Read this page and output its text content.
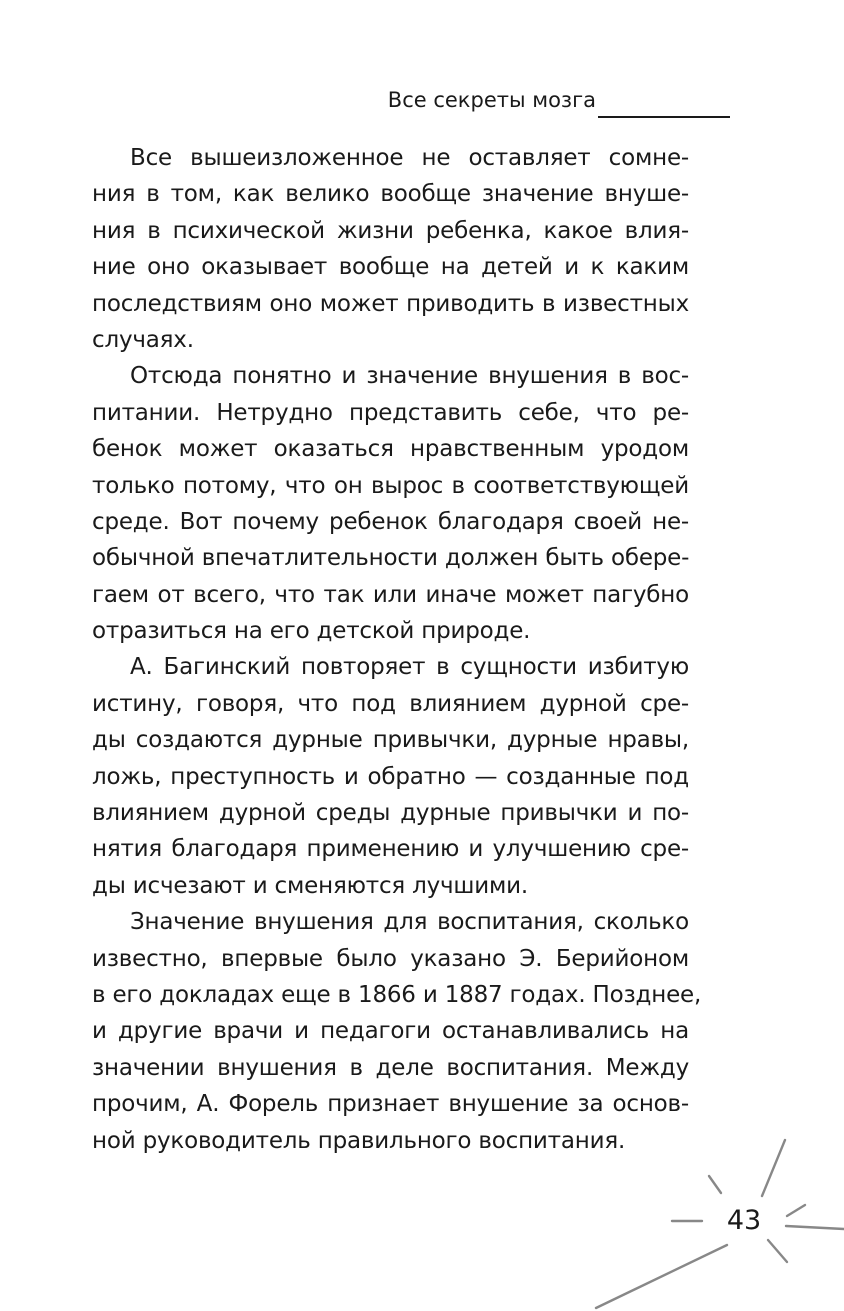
Все секреты мозга
Все вышеизложенное не оставляет сомне-
ния в том, как велико вообще значение внуше-
ния в психической жизни ребенка, какое влия-
ние оно оказывает вообще на детей и к каким
последствиям оно может приводить в известных
случаях.
Отсюда понятно и значение внушения в вос-
питании. Нетрудно представить себе, что ре-
бенок может оказаться нравственным уродом
только потому, что он вырос в соответствующей
среде. Вот почему ребенок благодаря своей не-
обычной впечатлительности должен быть обере-
гаем от всего, что так или иначе может пагубно
отразиться на его детской природе.
А. Багинский повторяет в сущности избитую
истину, говоря, что под влиянием дурной сре-
ды создаются дурные привычки, дурные нравы,
ложь, преступность и обратно — созданные под
влиянием дурной среды дурные привычки и по-
нятия благодаря применению и улучшению сре-
ды исчезают и сменяются лучшими.
Значение внушения для воспитания, сколько
известно, впервые было указано Э. Берийоном
в его докладах еще в 1866 и 1887 годах. Позднее,
и другие врачи и педагоги останавливались на
значении внушения в деле воспитания. Между
прочим, А. Форель признает внушение за основ-
ной руководитель правильного воспитания.
43
